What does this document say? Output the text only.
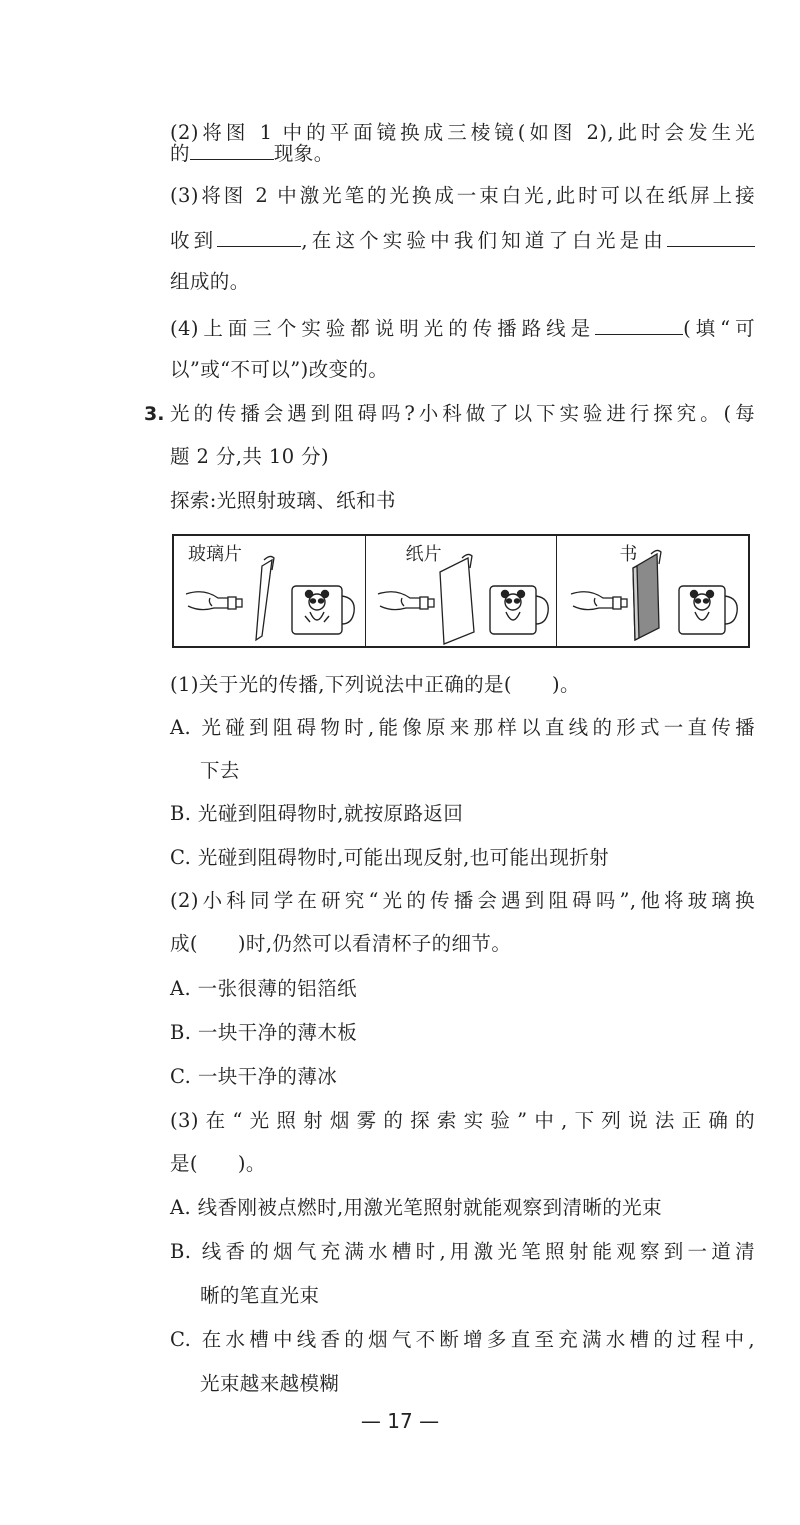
(2)将图 1 中的平面镜换成三棱镜(如图 2),此时会发生光
的	现象。
(3)将图 2 中激光笔的光换成一束白光,此时可以在纸屏上接
收到	,在这个实验中我们知道了白光是由
组成的。
(4)上面三个实验都说明光的传播路线是	(填“可
以”或“不可以”)改变的。
3. 光的传播会遇到阻碍吗?小科做了以下实验进行探究。(每
题 2 分,共 10 分)
探索:光照射玻璃、纸和书
玻璃片	纸片	书
(1)关于光的传播,下列说法中正确的是( )。
A. 光碰到阻碍物时,能像原来那样以直线的形式一直传播
下去
B. 光碰到阻碍物时,就按原路返回
C. 光碰到阻碍物时,可能出现反射,也可能出现折射
(2)小科同学在研究“光的传播会遇到阻碍吗”,他将玻璃换
成( )时,仍然可以看清杯子的细节。
A. 一张很薄的铝箔纸
B. 一块干净的薄木板
C. 一块干净的薄冰
(3)在“光照射烟雾的探索实验”中,下列说法正确的
是( )。
A. 线香刚被点燃时,用激光笔照射就能观察到清晰的光束
B. 线香的烟气充满水槽时,用激光笔照射能观察到一道清
晰的笔直光束
C. 在水槽中线香的烟气不断增多直至充满水槽的过程中,
光束越来越模糊
— 17 —
